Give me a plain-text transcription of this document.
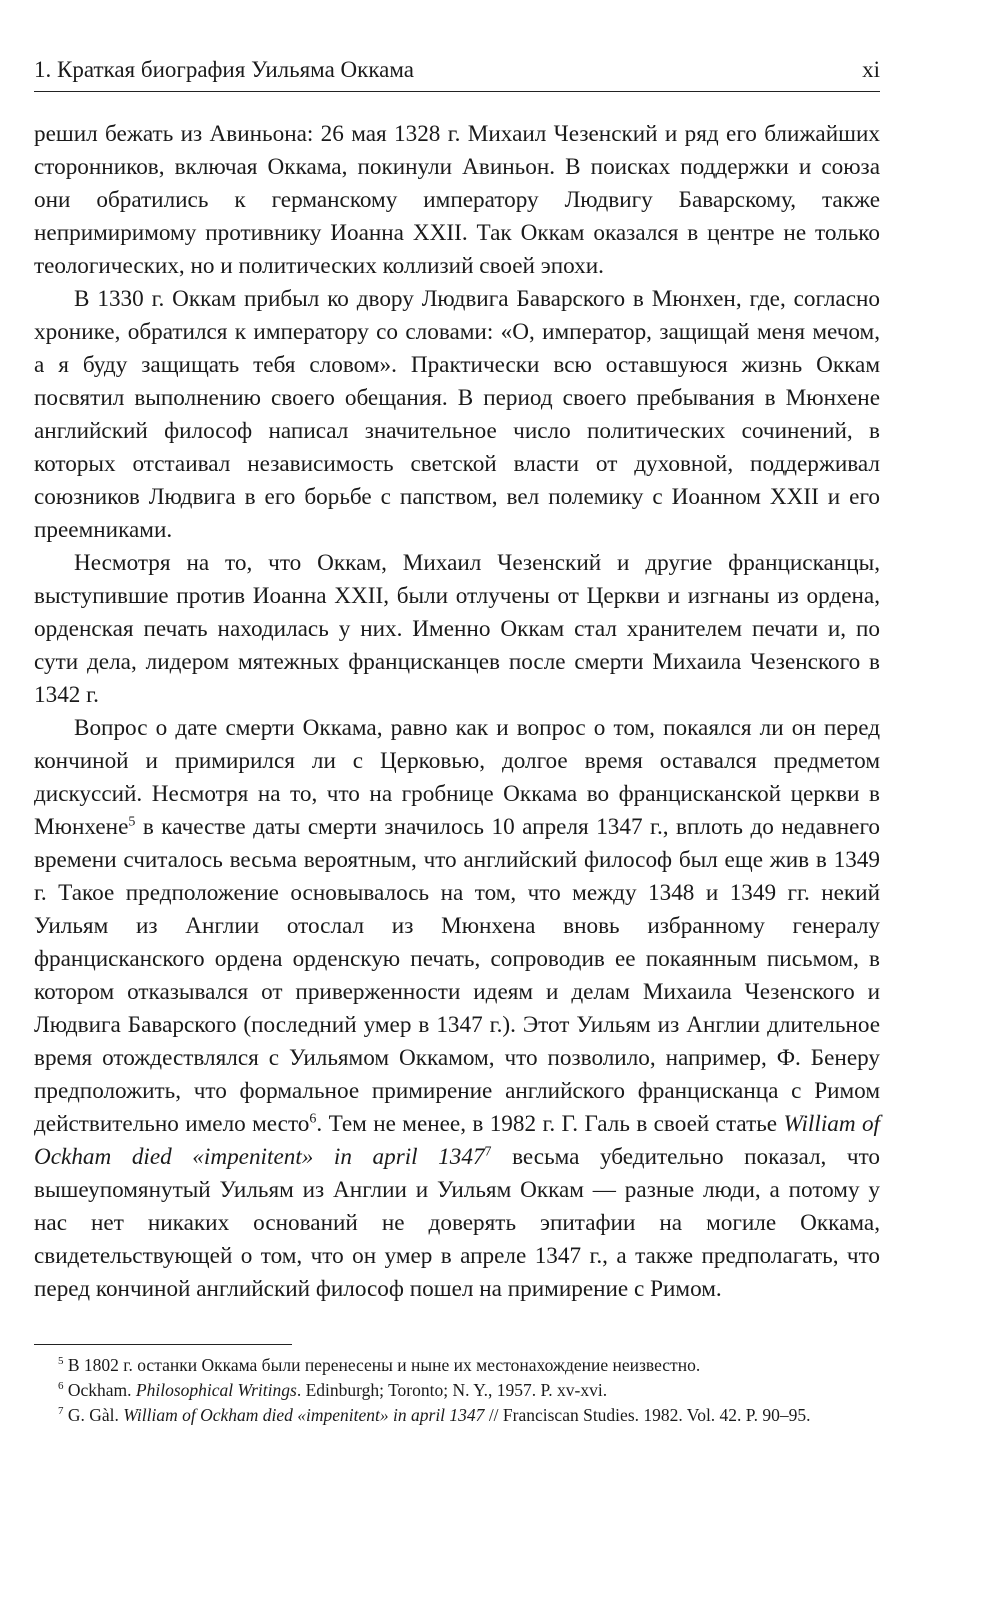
1. Краткая биография Уильяма Оккама	xi

решил бежать из Авиньона: 26 мая 1328 г. Михаил Чезенский и ряд его ближайших сторонников, включая Оккама, покинули Авиньон. В поисках поддержки и союза они обратились к германскому императору Людвигу Баварскому, также непримиримому противнику Иоанна XXII. Так Оккам оказался в центре не только теологических, но и политических коллизий своей эпохи.

В 1330 г. Оккам прибыл ко двору Людвига Баварского в Мюнхен, где, согласно хронике, обратился к императору со словами: «О, император, защищай меня мечом, а я буду защищать тебя словом». Практически всю оставшуюся жизнь Оккам посвятил выполнению своего обещания. В период своего пребывания в Мюнхене английский философ написал значительное число политических сочинений, в которых отстаивал независимость светской власти от духовной, поддерживал союзников Людвига в его борьбе с папством, вел полемику с Иоанном XXII и его преемниками.

Несмотря на то, что Оккам, Михаил Чезенский и другие францисканцы, выступившие против Иоанна XXII, были отлучены от Церкви и изгнаны из ордена, орденская печать находилась у них. Именно Оккам стал хранителем печати и, по сути дела, лидером мятежных францисканцев после смерти Михаила Чезенского в 1342 г.

Вопрос о дате смерти Оккама, равно как и вопрос о том, покаялся ли он перед кончиной и примирился ли с Церковью, долгое время оставался предметом дискуссий. Несмотря на то, что на гробнице Оккама во францисканской церкви в Мюнхене$^5$ в качестве даты смерти значилось 10 апреля 1347 г., вплоть до недавнего времени считалось весьма вероятным, что английский философ был еще жив в 1349 г. Такое предположение основывалось на том, что между 1348 и 1349 гг. некий Уильям из Англии отослал из Мюнхена вновь избранному генералу францисканского ордена орденскую печать, сопроводив ее покаянным письмом, в котором отказывался от приверженности идеям и делам Михаила Чезенского и Людвига Баварского (последний умер в 1347 г.). Этот Уильям из Англии длительное время отождествлялся с Уильямом Оккамом, что позволило, например, Ф. Бенеру предположить, что формальное примирение английского францисканца с Римом действительно имело место$^6$. Тем не менее, в 1982 г. Г. Галь в своей статье William of Ockham died «impenitent» in april 1347$^7$ весьма убедительно показал, что вышеупомянутый Уильям из Англии и Уильям Оккам — разные люди, а потому у нас нет никаких оснований не доверять эпитафии на могиле Оккама, свидетельствующей о том, что он умер в апреле 1347 г., а также предполагать, что перед кончиной английский философ пошел на примирение с Римом.

$^5$ В 1802 г. останки Оккама были перенесены и ныне их местонахождение неизвестно.

$^6$ Ockham. Philosophical Writings. Edinburgh; Toronto; N. Y., 1957. P. xv-xvi.

$^7$ G. Gàl. William of Ockham died «impenitent» in april 1347 // Franciscan Studies. 1982. Vol. 42. P. 90–95.
